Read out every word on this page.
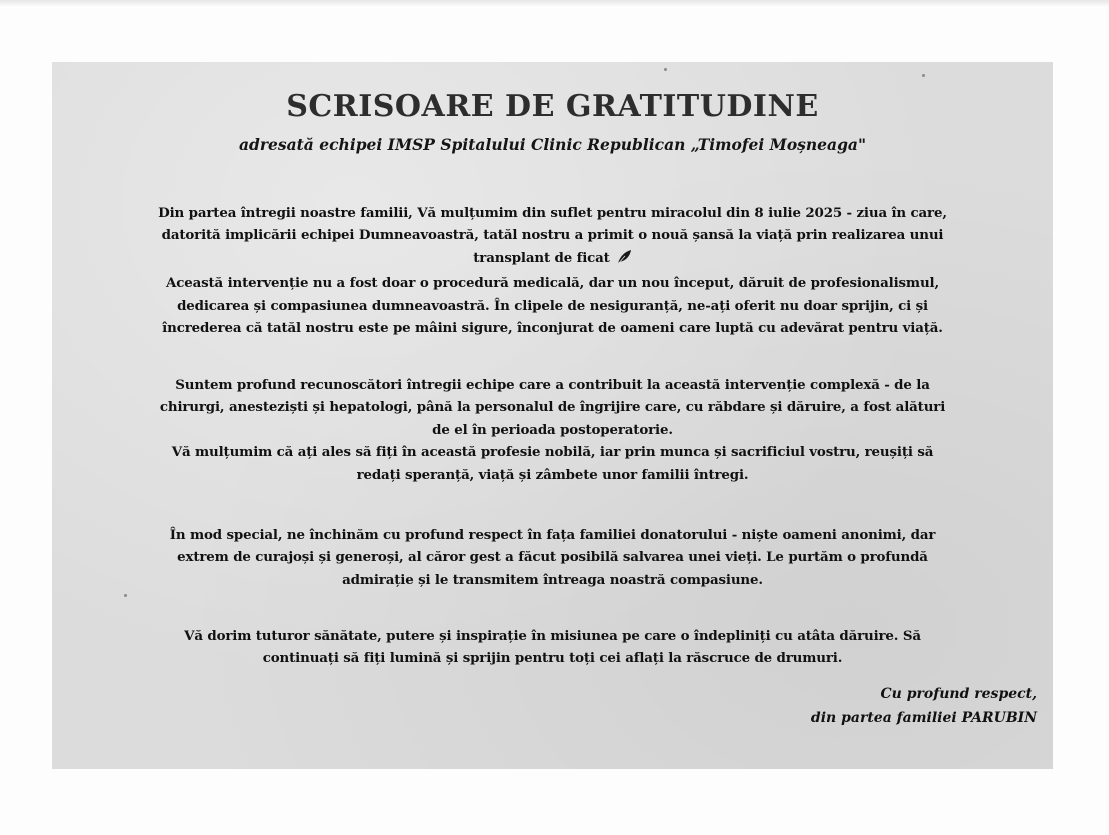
SCRISOARE DE GRATITUDINE
adresată echipei IMSP Spitalului Clinic Republican „Timofei Moșneaga"

Din partea întregii noastre familii, Vă mulțumim din suflet pentru miracolul din 8 iulie 2025 - ziua în care,
datorită implicării echipei Dumneavoastră, tatăl nostru a primit o nouă șansă la viață prin realizarea unui
transplant de ficat
Această intervenție nu a fost doar o procedură medicală, dar un nou început, dăruit de profesionalismul,
dedicarea și compasiunea dumneavoastră. În clipele de nesiguranță, ne-ați oferit nu doar sprijin, ci și
încrederea că tatăl nostru este pe mâini sigure, înconjurat de oameni care luptă cu adevărat pentru viață.

Suntem profund recunoscători întregii echipe care a contribuit la această intervenție complexă - de la
chirurgi, anesteziști și hepatologi, până la personalul de îngrijire care, cu răbdare și dăruire, a fost alături
de el în perioada postoperatorie.
Vă mulțumim că ați ales să fiți în această profesie nobilă, iar prin munca și sacrificiul vostru, reușiți să
redați speranță, viață și zâmbete unor familii întregi.

În mod special, ne închinăm cu profund respect în fața familiei donatorului - niște oameni anonimi, dar
extrem de curajoși și generoși, al căror gest a făcut posibilă salvarea unei vieți. Le purtăm o profundă
admirație și le transmitem întreaga noastră compasiune.

Vă dorim tuturor sănătate, putere și inspirație în misiunea pe care o îndepliniți cu atâta dăruire. Să
continuați să fiți lumină și sprijin pentru toți cei aflați la răscruce de drumuri.

Cu profund respect,
din partea familiei PARUBIN
